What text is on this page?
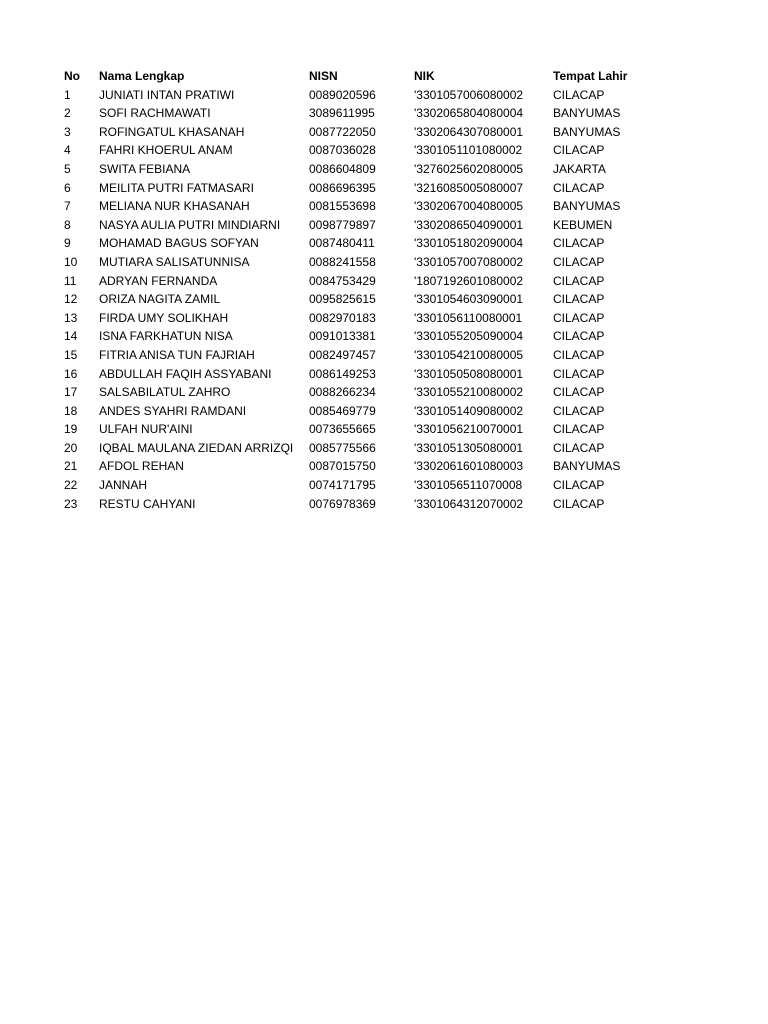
No	Nama Lengkap	NISN	NIK	Tempat Lahir
1	JUNIATI INTAN PRATIWI	0089020596	'3301057006080002	CILACAP
2	SOFI RACHMAWATI	3089611995	'3302065804080004	BANYUMAS
3	ROFINGATUL KHASANAH	0087722050	'3302064307080001	BANYUMAS
4	FAHRI KHOERUL ANAM	0087036028	'3301051101080002	CILACAP
5	SWITA FEBIANA	0086604809	'3276025602080005	JAKARTA
6	MEILITA PUTRI FATMASARI	0086696395	'3216085005080007	CILACAP
7	MELIANA NUR KHASANAH	0081553698	'3302067004080005	BANYUMAS
8	NASYA AULIA PUTRI MINDIARNI	0098779897	'3302086504090001	KEBUMEN
9	MOHAMAD BAGUS SOFYAN	0087480411	'3301051802090004	CILACAP
10	MUTIARA SALISATUNNISA	0088241558	'3301057007080002	CILACAP
11	ADRYAN FERNANDA	0084753429	'1807192601080002	CILACAP
12	ORIZA NAGITA ZAMIL	0095825615	'3301054603090001	CILACAP
13	FIRDA UMY SOLIKHAH	0082970183	'3301056110080001	CILACAP
14	ISNA FARKHATUN NISA	0091013381	'3301055205090004	CILACAP
15	FITRIA ANISA TUN FAJRIAH	0082497457	'3301054210080005	CILACAP
16	ABDULLAH FAQIH ASSYABANI	0086149253	'3301050508080001	CILACAP
17	SALSABILATUL ZAHRO	0088266234	'3301055210080002	CILACAP
18	ANDES SYAHRI RAMDANI	0085469779	'3301051409080002	CILACAP
19	ULFAH NUR'AINI	0073655665	'3301056210070001	CILACAP
20	IQBAL MAULANA ZIEDAN ARRIZQI	0085775566	'3301051305080001	CILACAP
21	AFDOL REHAN	0087015750	'3302061601080003	BANYUMAS
22	JANNAH	0074171795	'3301056511070008	CILACAP
23	RESTU CAHYANI	0076978369	'3301064312070002	CILACAP
